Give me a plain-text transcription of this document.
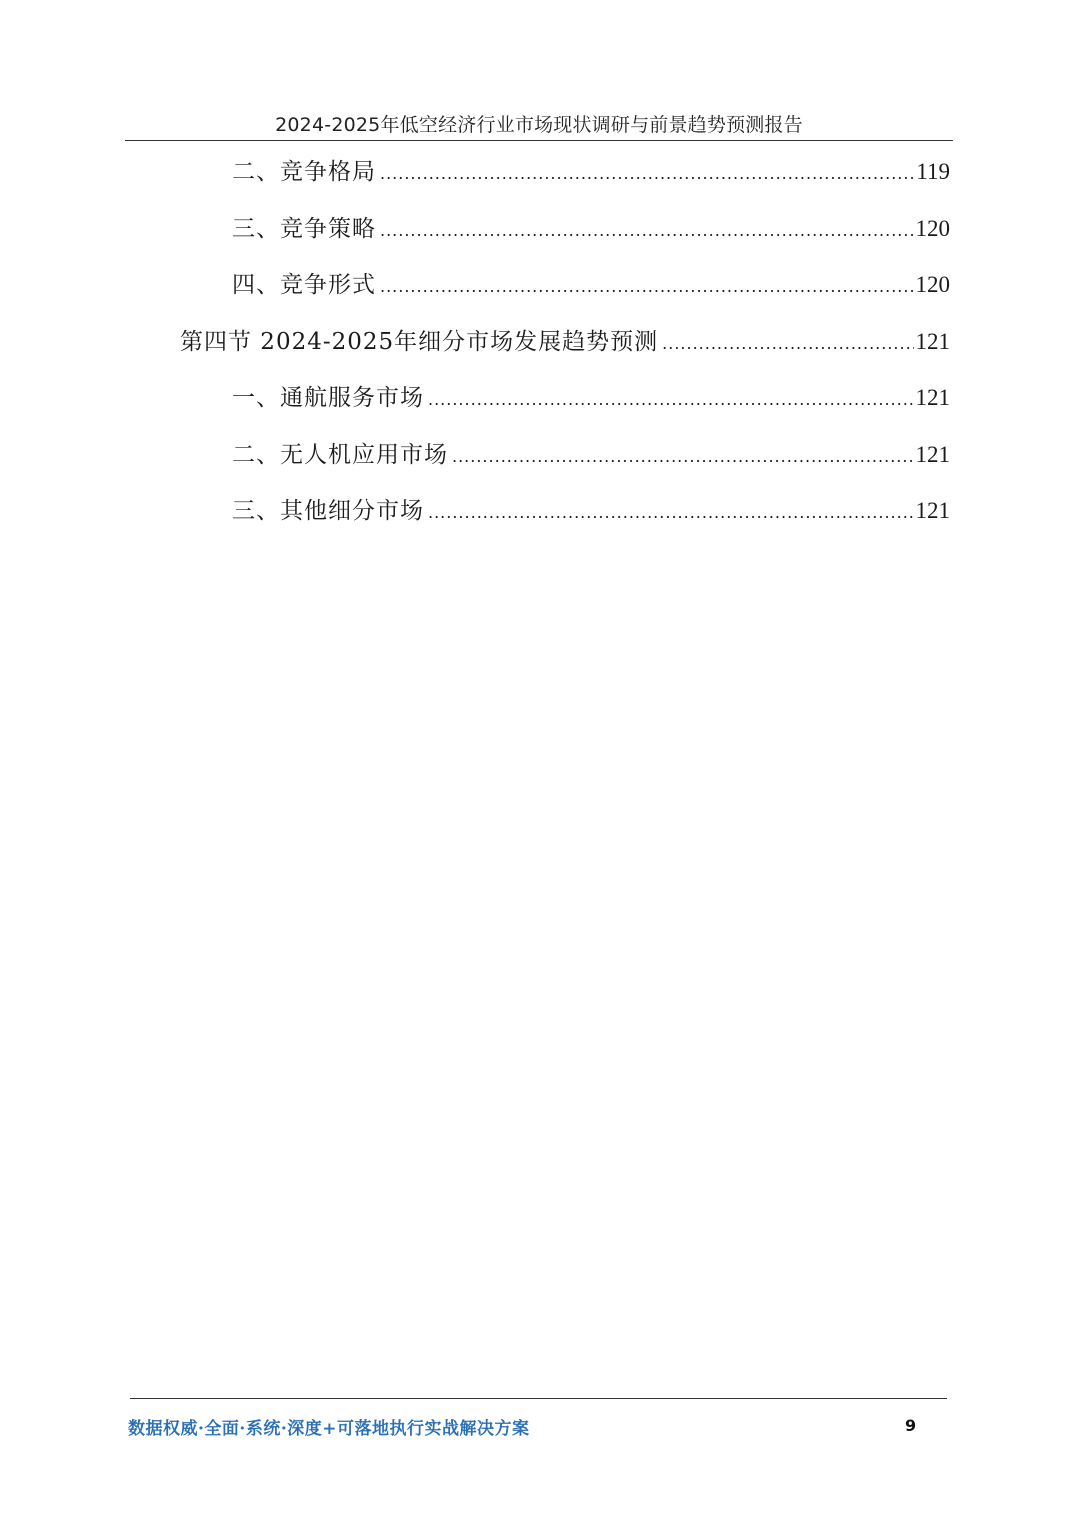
2024-2025年低空经济行业市场现状调研与前景趋势预测报告
二、竞争格局 .....	119
三、竞争策略 .....	120
四、竞争形式 .....	120
第四节 2024-2025年细分市场发展趋势预测 .....	121
一、通航服务市场 .....	121
二、无人机应用市场 .....	121
三、其他细分市场 .....	121
数据权威·全面·系统·深度+可落地执行实战解决方案	9
